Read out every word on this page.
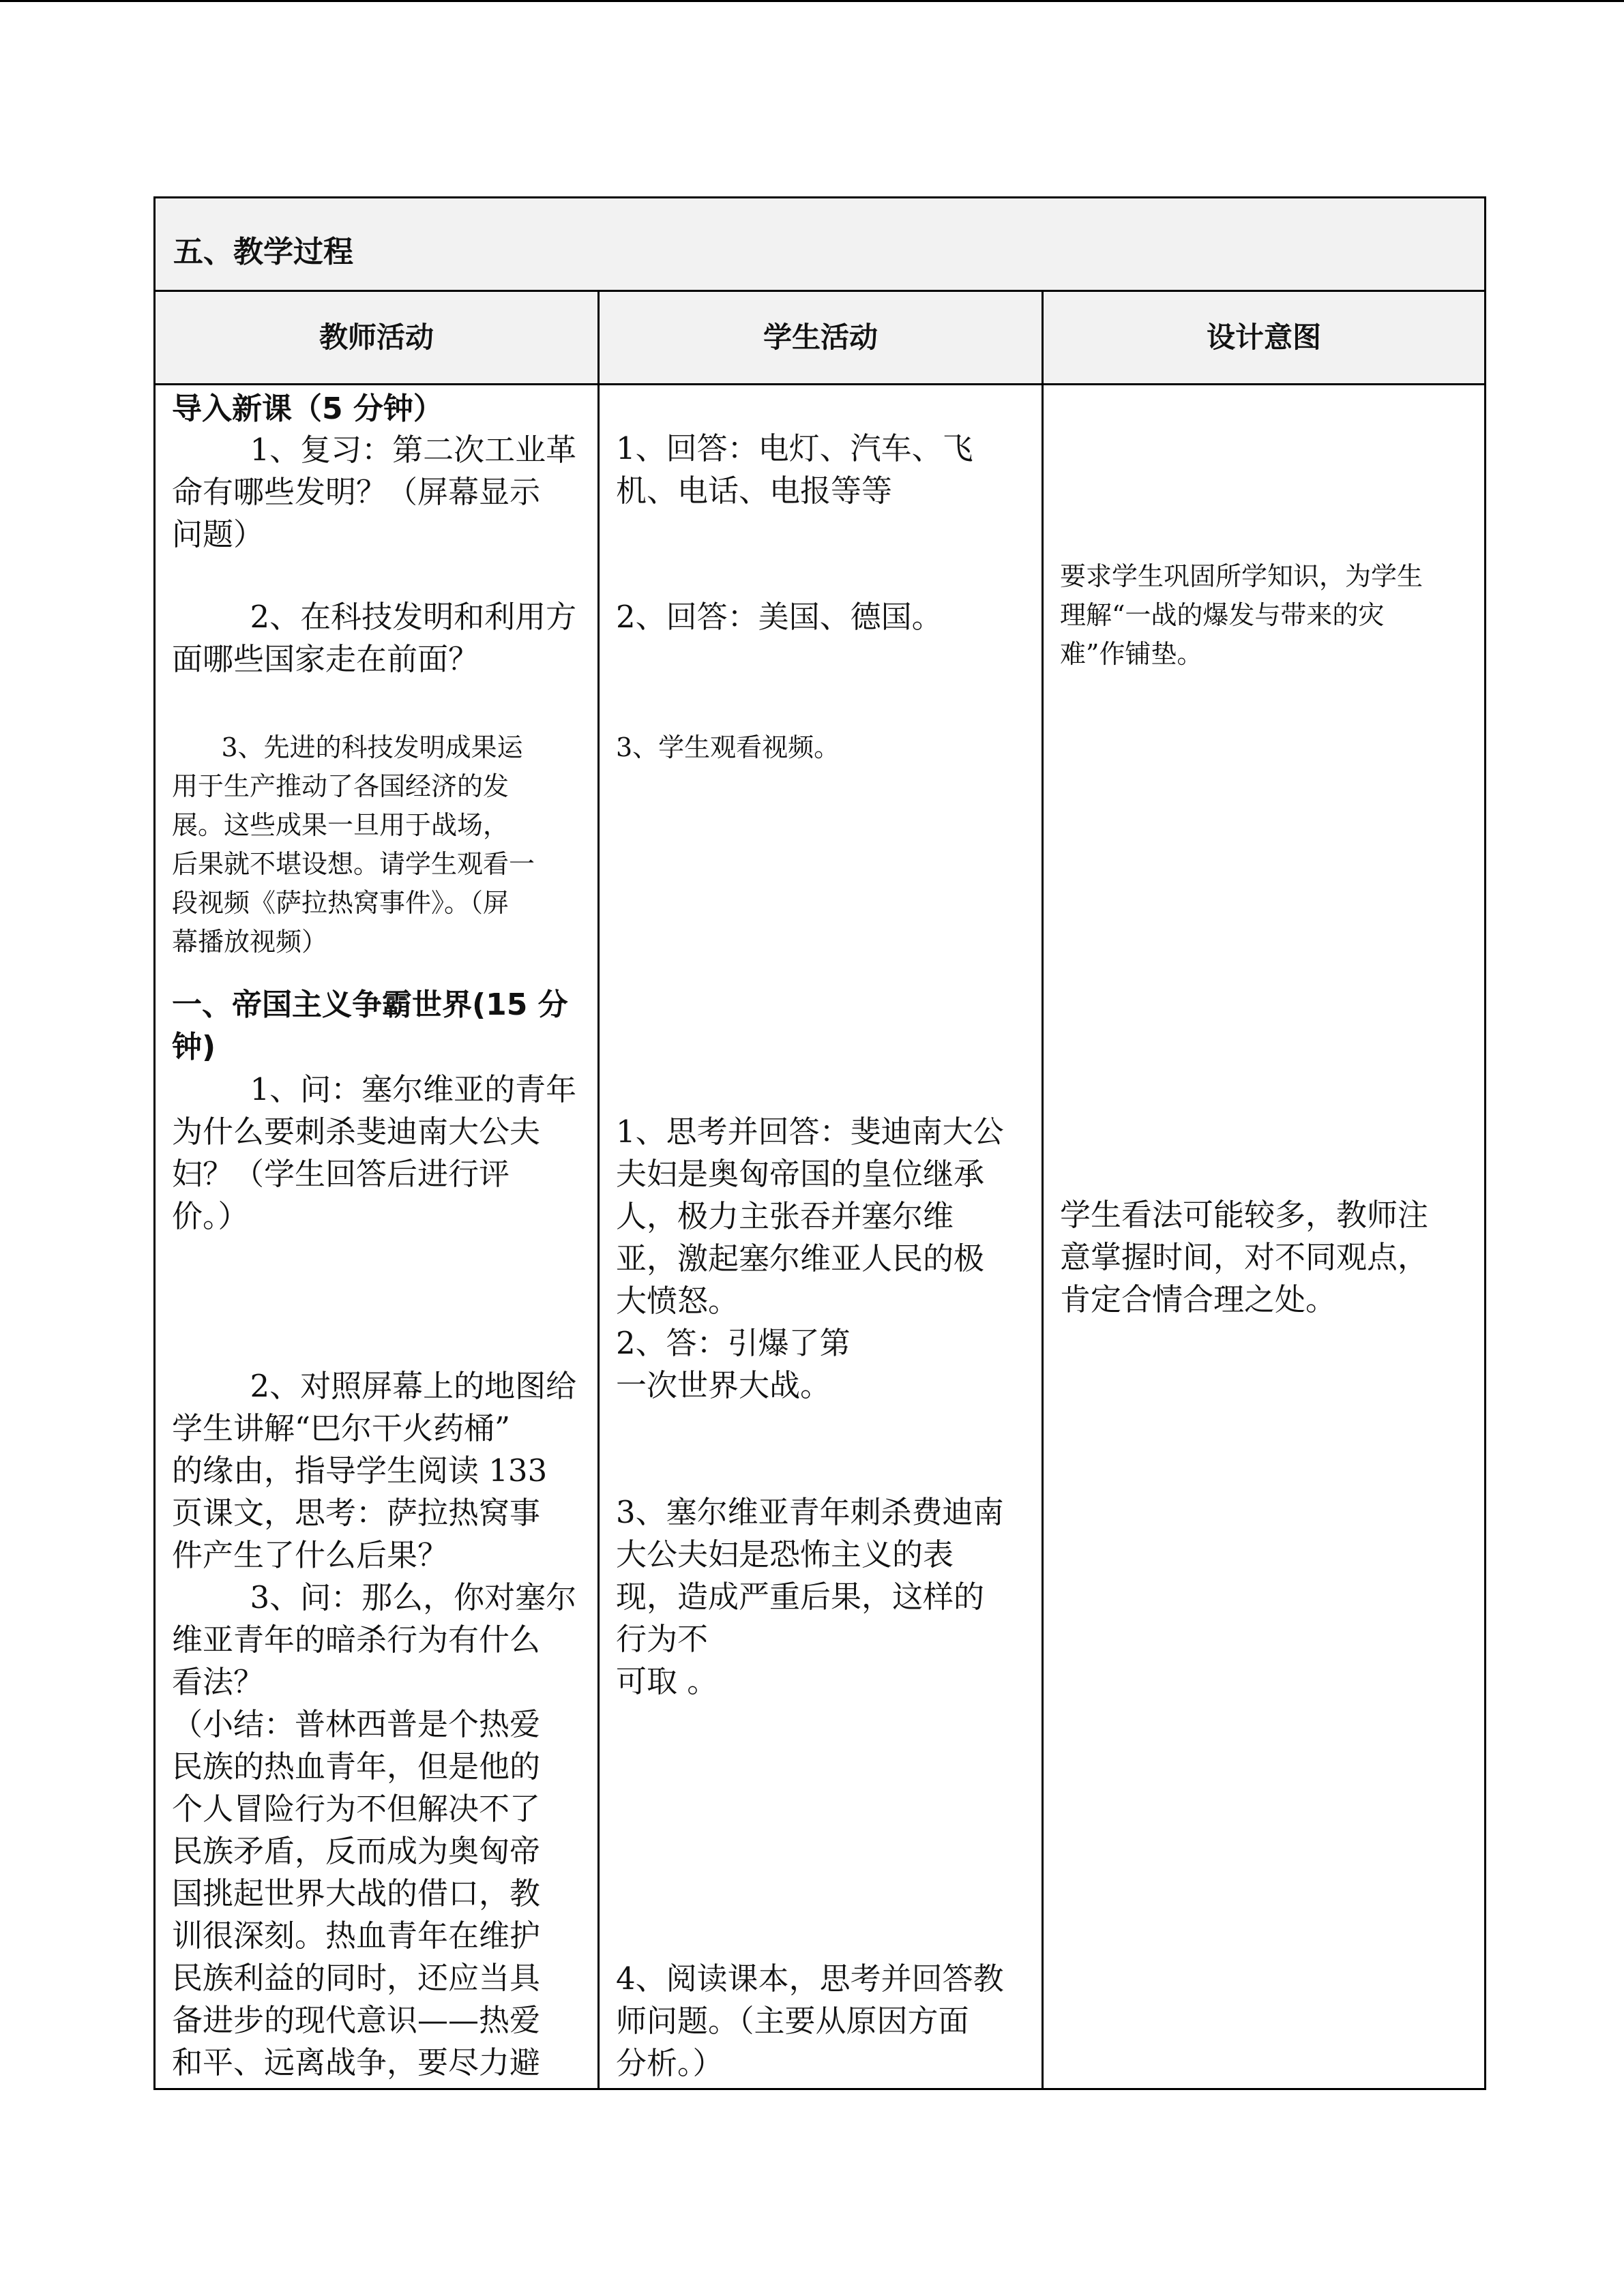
五、教学过程
教师活动	学生活动	设计意图
导入新课（5 分钟）
1、复习：第二次工业革
命有哪些发明？（屏幕显示
问题）
2、在科技发明和利用方
面哪些国家走在前面？
3、先进的科技发明成果运
用于生产推动了各国经济的发
展。这些成果一旦用于战场，
后果就不堪设想。请学生观看一
段视频《萨拉热窝事件》。（屏
幕播放视频）
一、帝国主义争霸世界(15 分
钟)
1、问：塞尔维亚的青年
为什么要刺杀斐迪南大公夫
妇？（学生回答后进行评
价。）
2、对照屏幕上的地图给
学生讲解“巴尔干火药桶”
的缘由，指导学生阅读 133
页课文，思考：萨拉热窝事
件产生了什么后果？
3、问：那么，你对塞尔
维亚青年的暗杀行为有什么
看法？
（小结：普林西普是个热爱
民族的热血青年，但是他的
个人冒险行为不但解决不了
民族矛盾，反而成为奥匈帝
国挑起世界大战的借口，教
训很深刻。热血青年在维护
民族利益的同时，还应当具
备进步的现代意识——热爱
和平、远离战争，要尽力避
1、回答：电灯、汽车、飞
机、电话、电报等等
2、回答：美国、德国。
3、学生观看视频。
1、思考并回答：斐迪南大公
夫妇是奥匈帝国的皇位继承
人，极力主张吞并塞尔维
亚，激起塞尔维亚人民的极
大愤怒。
2、答：引爆了第
一次世界大战。
3、塞尔维亚青年刺杀费迪南
大公夫妇是恐怖主义的表
现，造成严重后果，这样的
行为不
可取 。
4、阅读课本，思考并回答教
师问题。（主要从原因方面
分析。）
要求学生巩固所学知识，为学生
理解“一战的爆发与带来的灾
难”作铺垫。
学生看法可能较多，教师注
意掌握时间，对不同观点，
肯定合情合理之处。
